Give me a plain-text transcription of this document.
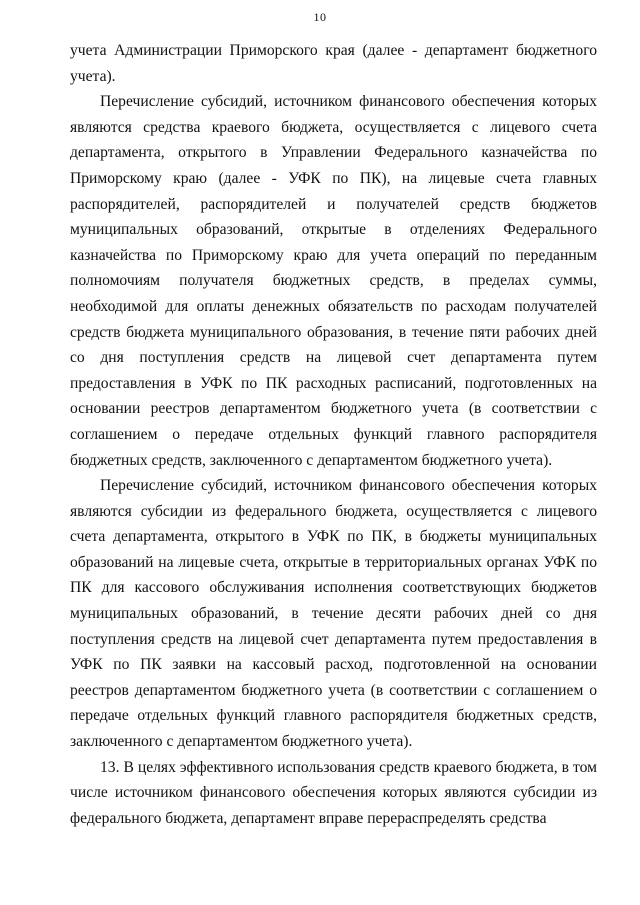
10

учета Администрации Приморского края (далее - департамент бюджетного учета).

Перечисление субсидий, источником финансового обеспечения которых являются средства краевого бюджета, осуществляется с лицевого счета департамента, открытого в Управлении Федерального казначейства по Приморскому краю (далее - УФК по ПК), на лицевые счета главных распорядителей, распорядителей и получателей средств бюджетов муниципальных образований, открытые в отделениях Федерального казначейства по Приморскому краю для учета операций по переданным полномочиям получателя бюджетных средств, в пределах суммы, необходимой для оплаты денежных обязательств по расходам получателей средств бюджета муниципального образования, в течение пяти рабочих дней со дня поступления средств на лицевой счет департамента путем предоставления в УФК по ПК расходных расписаний, подготовленных на основании реестров департаментом бюджетного учета (в соответствии с соглашением о передаче отдельных функций главного распорядителя бюджетных средств, заключенного с департаментом бюджетного учета).

Перечисление субсидий, источником финансового обеспечения которых являются субсидии из федерального бюджета, осуществляется с лицевого счета департамента, открытого в УФК по ПК, в бюджеты муниципальных образований на лицевые счета, открытые в территориальных органах УФК по ПК для кассового обслуживания исполнения соответствующих бюджетов муниципальных образований, в течение десяти рабочих дней со дня поступления средств на лицевой счет департамента путем предоставления в УФК по ПК заявки на кассовый расход, подготовленной на основании реестров департаментом бюджетного учета (в соответствии с соглашением о передаче отдельных функций главного распорядителя бюджетных средств, заключенного с департаментом бюджетного учета).

13. В целях эффективного использования средств краевого бюджета, в том числе источником финансового обеспечения которых являются субсидии из федерального бюджета, департамент вправе перераспределять средства
